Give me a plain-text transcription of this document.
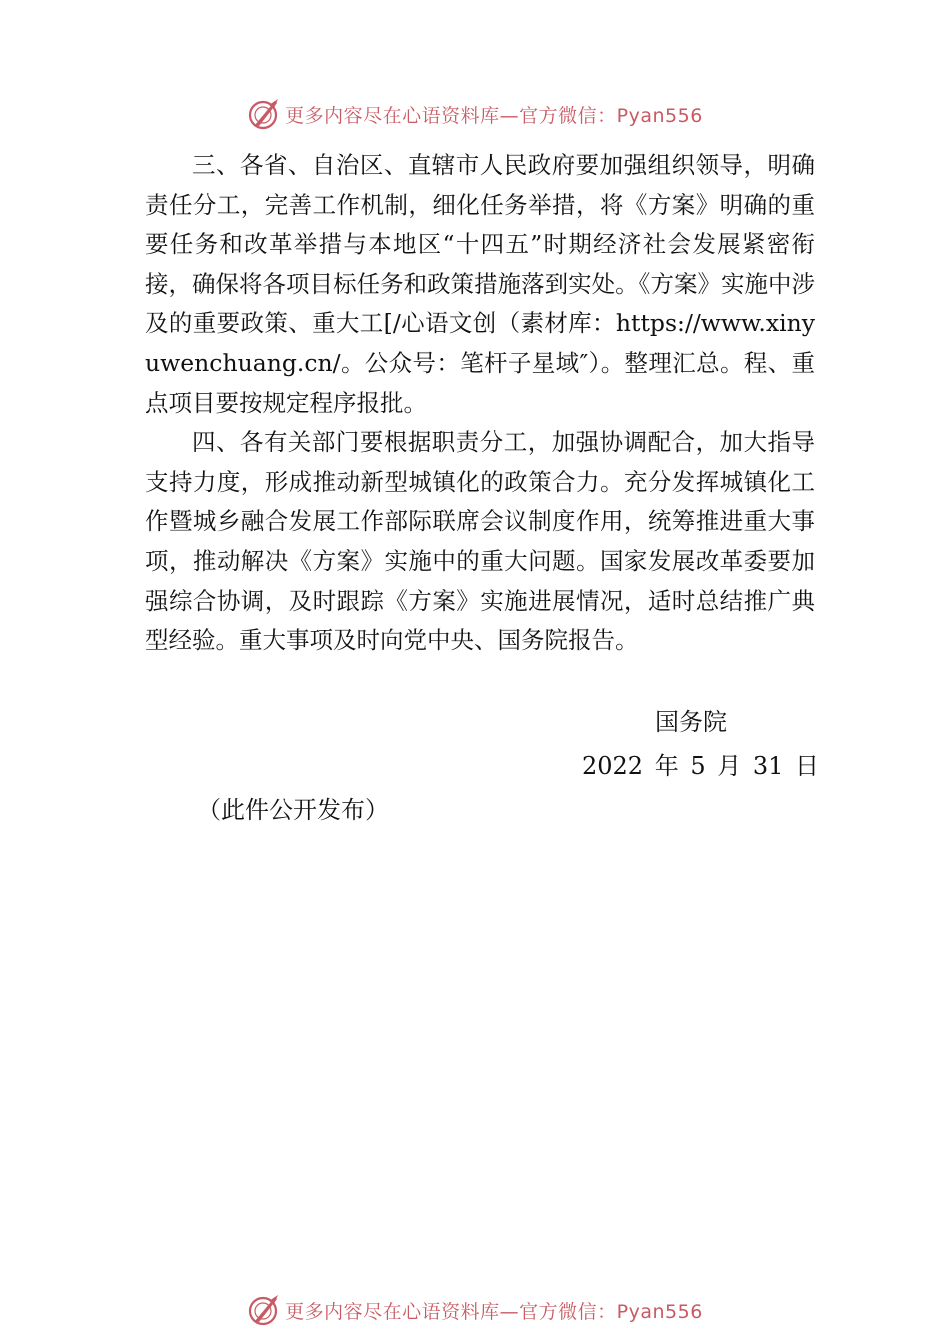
更多内容尽在心语资料库—官方微信：Pyan556

三、各省、自治区、直辖市人民政府要加强组织领导，明确责任分工，完善工作机制，细化任务举措，将《方案》明确的重要任务和改革举措与本地区“十四五”时期经济社会发展紧密衔接，确保将各项目标任务和政策措施落到实处。《方案》实施中涉及的重要政策、重大工[/心语文创（素材库：https://www.xinyuwenchuang.cn/。公众号：笔杆子星域″）。整理汇总。程、重点项目要按规定程序报批。

四、各有关部门要根据职责分工，加强协调配合，加大指导支持力度，形成推动新型城镇化的政策合力。充分发挥城镇化工作暨城乡融合发展工作部际联席会议制度作用，统筹推进重大事项，推动解决《方案》实施中的重大问题。国家发展改革委要加强综合协调，及时跟踪《方案》实施进展情况，适时总结推广典型经验。重大事项及时向党中央、国务院报告。

国务院
2022 年 5 月 31 日
（此件公开发布）
更多内容尽在心语资料库—官方微信：Pyan556
